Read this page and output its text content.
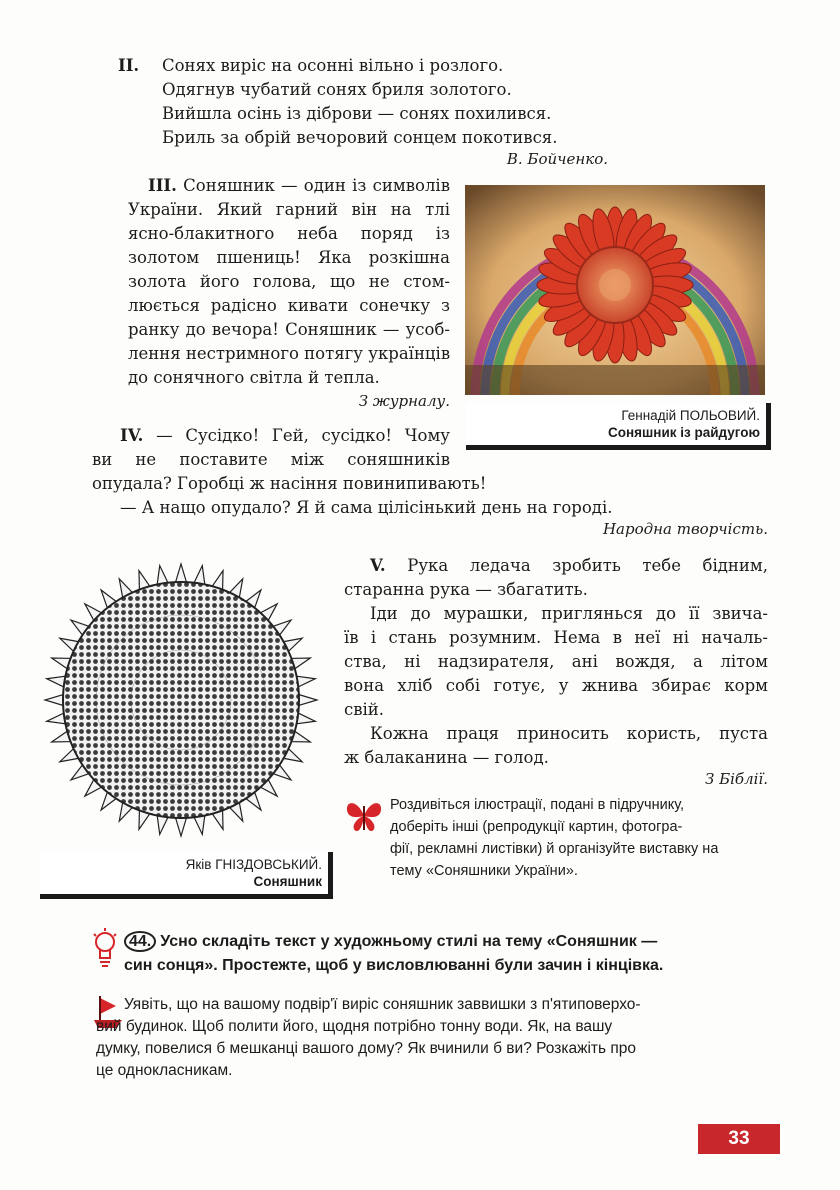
II. Сонях виріс на осонні вільно і розлого.
Одягнув чубатий сонях бриля золотого.
Вийшла осінь із діброви — сонях похилився.
Бриль за обрій вечоровий сонцем покотився.
В. Бойченко.
III. Соняшник — один із символів
України. Який гарний він на тлі
ясно-блакитного неба поряд із
золотом пшениць! Яка розкішна
золота його голова, що не стом-
люється радісно кивати сонечку з
ранку до вечора! Соняшник — усоб-
лення нестримного потягу українців
до сонячного світла й тепла.
З журналу.
Геннадій ПОЛЬОВИЙ.
Соняшник із райдугою
IV. — Сусідко! Гей, сусідко! Чому
ви не поставите між соняшників
опудала? Горобці ж насіння повинипивають!
— А нащо опудало? Я й сама цілісінький день на городі.
Народна творчість.
Яків ГНІЗДОВСЬКИЙ.
Соняшник
V. Рука ледача зробить тебе бідним,
старанна рука — збагатить.
Іди до мурашки, приглянься до її звича-
їв і стань розумним. Нема в неї ні началь-
ства, ні надзирателя, ані вождя, а літом
вона хліб собі готує, у жнива збирає корм
свій.
Кожна праця приносить користь, пуста
ж балаканина — голод.
З Біблії.
Роздивіться ілюстрації, подані в підручнику,
доберіть інші (репродукції картин, фотогра-
фії, рекламні листівки) й організуйте виставку на
тему «Соняшники України».
44. Усно складіть текст у художньому стилі на тему «Соняшник —
син сонця». Простежте, щоб у висловлюванні були зачин і кінцівка.
Уявіть, що на вашому подвір'ї виріс соняшник заввишки з п'ятиповерхо-
вий будинок. Щоб полити його, щодня потрібно тонну води. Як, на вашу
думку, повелися б мешканці вашого дому? Як вчинили б ви? Розкажіть про
це однокласникам.
33
